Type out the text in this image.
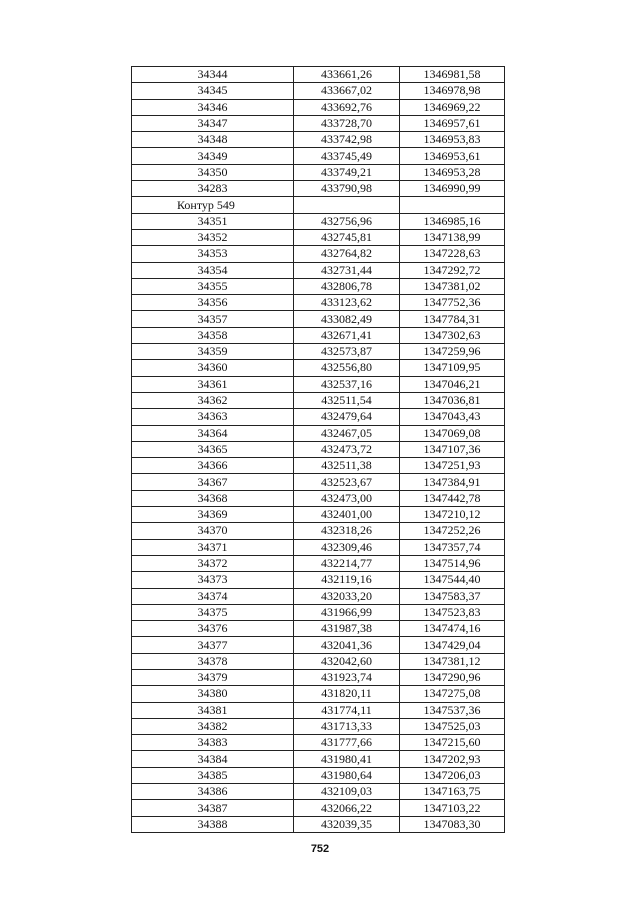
34344	433661,26	1346981,58
34345	433667,02	1346978,98
34346	433692,76	1346969,22
34347	433728,70	1346957,61
34348	433742,98	1346953,83
34349	433745,49	1346953,61
34350	433749,21	1346953,28
34283	433790,98	1346990,99
Контур 549		
34351	432756,96	1346985,16
34352	432745,81	1347138,99
34353	432764,82	1347228,63
34354	432731,44	1347292,72
34355	432806,78	1347381,02
34356	433123,62	1347752,36
34357	433082,49	1347784,31
34358	432671,41	1347302,63
34359	432573,87	1347259,96
34360	432556,80	1347109,95
34361	432537,16	1347046,21
34362	432511,54	1347036,81
34363	432479,64	1347043,43
34364	432467,05	1347069,08
34365	432473,72	1347107,36
34366	432511,38	1347251,93
34367	432523,67	1347384,91
34368	432473,00	1347442,78
34369	432401,00	1347210,12
34370	432318,26	1347252,26
34371	432309,46	1347357,74
34372	432214,77	1347514,96
34373	432119,16	1347544,40
34374	432033,20	1347583,37
34375	431966,99	1347523,83
34376	431987,38	1347474,16
34377	432041,36	1347429,04
34378	432042,60	1347381,12
34379	431923,74	1347290,96
34380	431820,11	1347275,08
34381	431774,11	1347537,36
34382	431713,33	1347525,03
34383	431777,66	1347215,60
34384	431980,41	1347202,93
34385	431980,64	1347206,03
34386	432109,03	1347163,75
34387	432066,22	1347103,22
34388	432039,35	1347083,30
752
